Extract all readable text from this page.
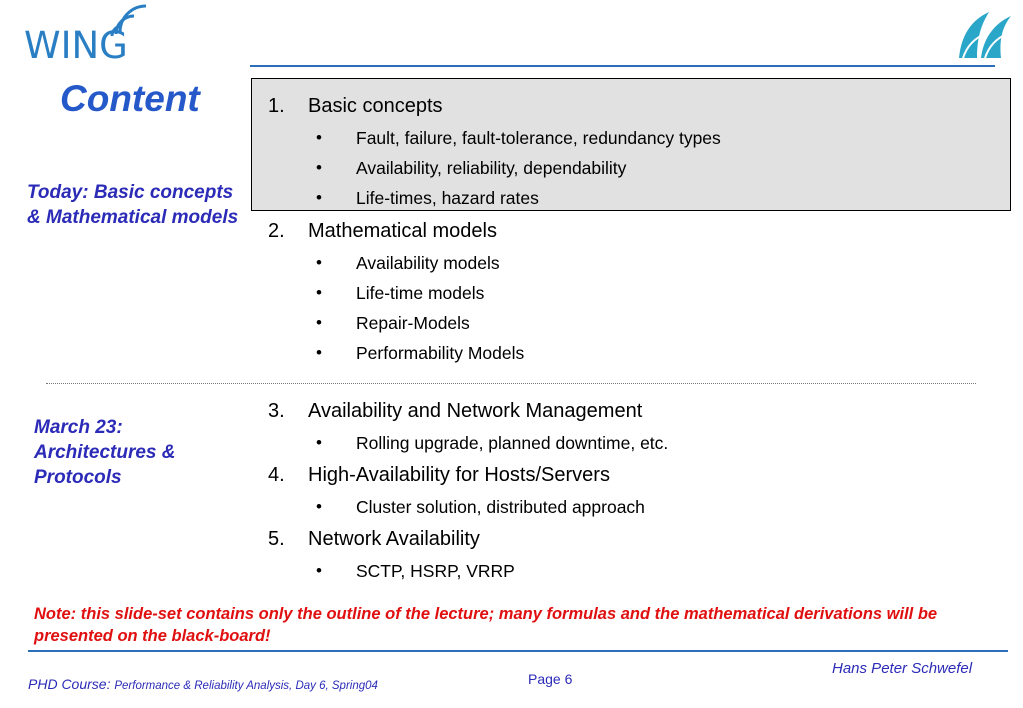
WING
Content
Today: Basic concepts & Mathematical models
March 23: Architectures & Protocols
1. Basic concepts
• Fault, failure, fault-tolerance, redundancy types
• Availability, reliability, dependability
• Life-times, hazard rates
2. Mathematical models
• Availability models
• Life-time models
• Repair-Models
• Performability Models
3. Availability and Network Management
• Rolling upgrade, planned downtime, etc.
4. High-Availability for Hosts/Servers
• Cluster solution, distributed approach
5. Network Availability
• SCTP, HSRP, VRRP
Note: this slide-set contains only the outline of the lecture; many formulas and the mathematical derivations will be presented on the black-board!
Hans Peter Schwefel
Page 6
PHD Course: Performance & Reliability Analysis, Day 6, Spring04
